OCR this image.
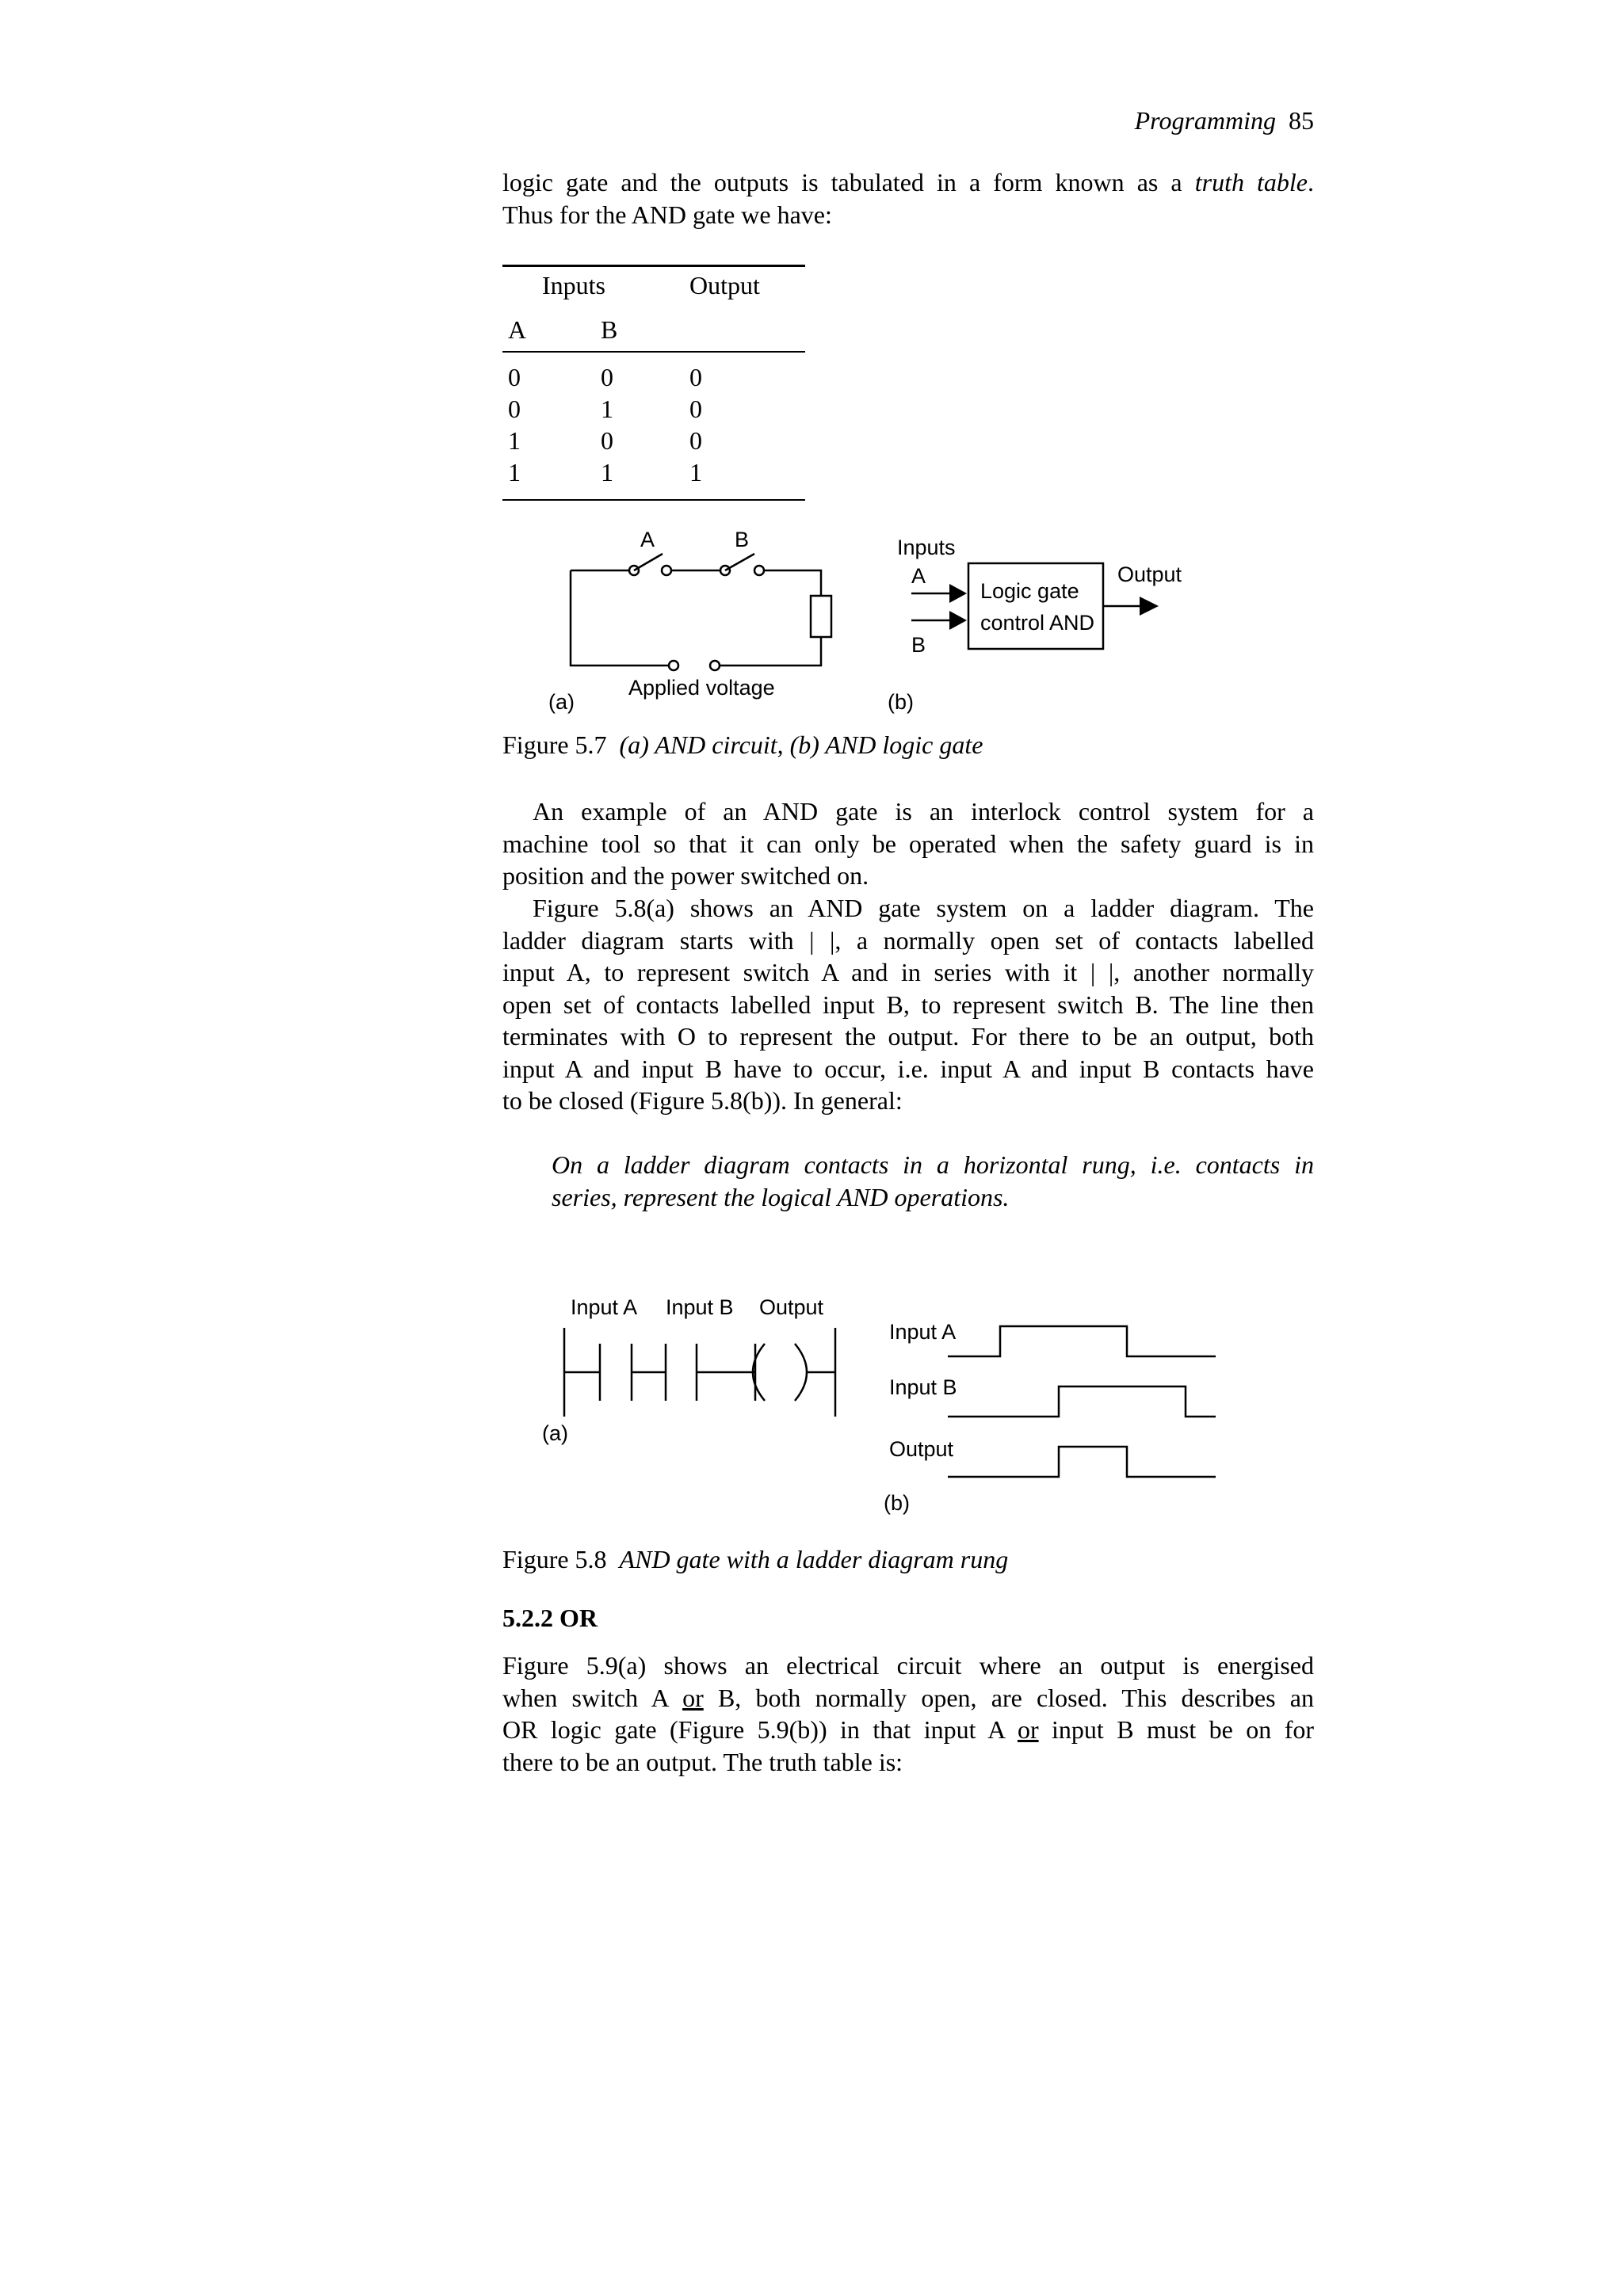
Programming 85
logic gate and the outputs is tabulated in a form known as a truth table.
Thus for the AND gate we have:
Inputs	Output
A	B
0	0	0
0	1	0
1	0	0
1	1	1
A	B
Applied voltage
(a)
Inputs
A
B
Logic gate
control AND
Output
(b)
Figure 5.7 (a) AND circuit, (b) AND logic gate
An example of an AND gate is an interlock control system for a
machine tool so that it can only be operated when the safety guard is in
position and the power switched on.
Figure 5.8(a) shows an AND gate system on a ladder diagram. The
ladder diagram starts with | |, a normally open set of contacts labelled
input A, to represent switch A and in series with it | |, another normally
open set of contacts labelled input B, to represent switch B. The line then
terminates with O to represent the output. For there to be an output, both
input A and input B have to occur, i.e. input A and input B contacts have
to be closed (Figure 5.8(b)). In general:
On a ladder diagram contacts in a horizontal rung, i.e. contacts in
series, represent the logical AND operations.
Input A Input B Output
(a)
Input A
Input B
Output
(b)
Figure 5.8 AND gate with a ladder diagram rung
5.2.2 OR
Figure 5.9(a) shows an electrical circuit where an output is energised
when switch A or B, both normally open, are closed. This describes an
OR logic gate (Figure 5.9(b)) in that input A or input B must be on for
there to be an output. The truth table is:
